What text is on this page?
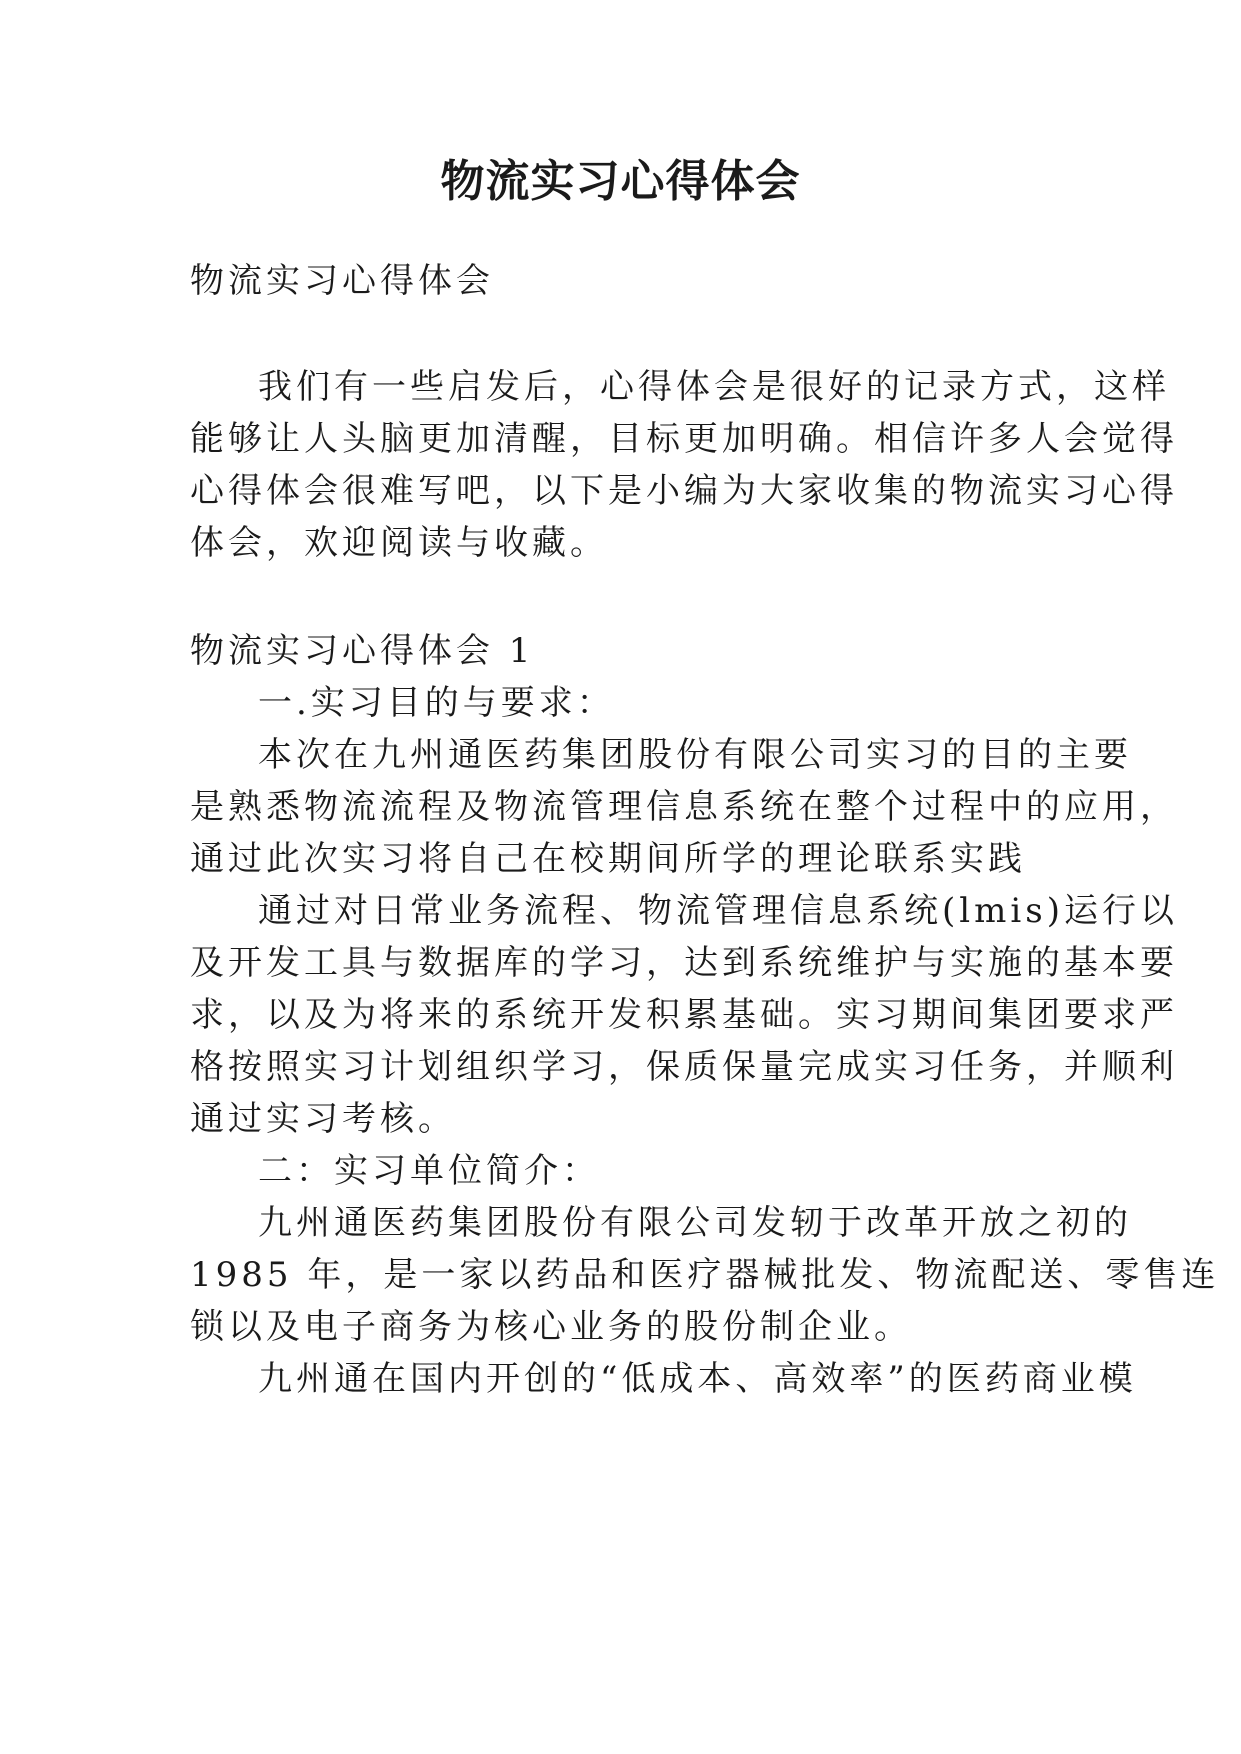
物流实习心得体会

物流实习心得体会

我们有一些启发后，心得体会是很好的记录方式，这样

能够让人头脑更加清醒，目标更加明确。相信许多人会觉得

心得体会很难写吧，以下是小编为大家收集的物流实习心得

体会，欢迎阅读与收藏。

物流实习心得体会 1

一.实习目的与要求：

本次在九州通医药集团股份有限公司实习的目的主要

是熟悉物流流程及物流管理信息系统在整个过程中的应用，

通过此次实习将自己在校期间所学的理论联系实践

通过对日常业务流程、物流管理信息系统(lmis)运行以

及开发工具与数据库的学习，达到系统维护与实施的基本要

求，以及为将来的系统开发积累基础。实习期间集团要求严

格按照实习计划组织学习，保质保量完成实习任务，并顺利

通过实习考核。

二：实习单位简介：

九州通医药集团股份有限公司发轫于改革开放之初的

1985 年，是一家以药品和医疗器械批发、物流配送、零售连

锁以及电子商务为核心业务的股份制企业。

九州通在国内开创的“低成本、高效率”的医药商业模
